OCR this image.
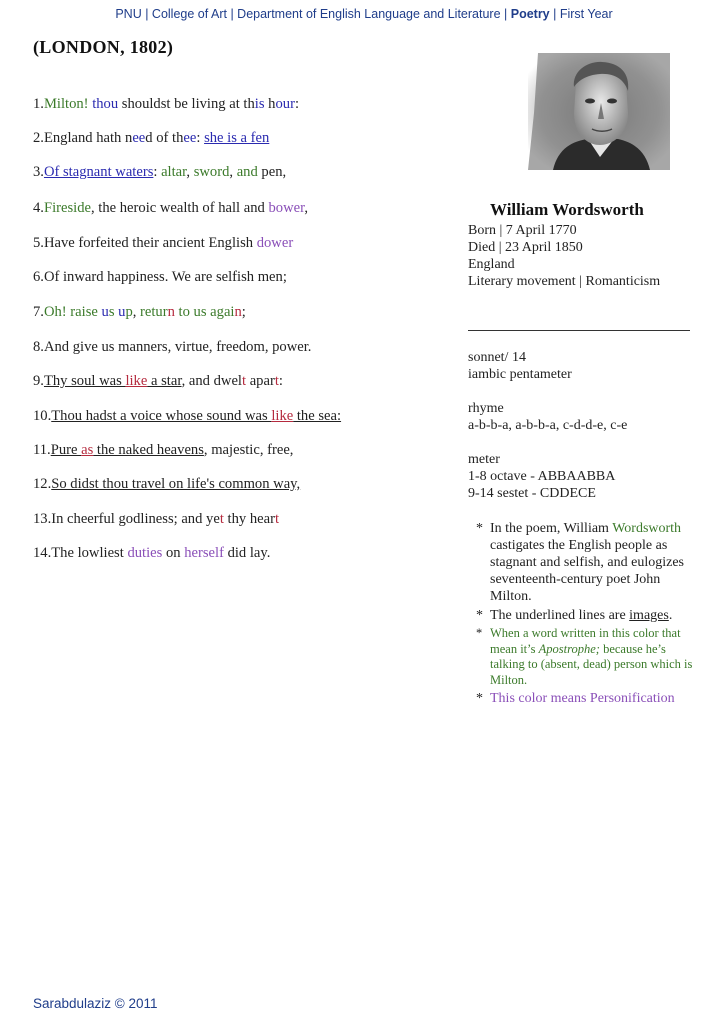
PNU | College of Art | Department of English Language and Literature | Poetry | First Year
(LONDON, 1802)
1.Milton! thou shouldst be living at this hour:
2.England hath need of thee: she is a fen
3.Of stagnant waters: altar, sword, and pen,
4.Fireside, the heroic wealth of hall and bower,
5.Have forfeited their ancient English dower
6.Of inward happiness. We are selfish men;
7.Oh! raise us up, return to us again;
8.And give us manners, virtue, freedom, power.
9.Thy soul was like a star, and dwelt apart:
10.Thou hadst a voice whose sound was like the sea:
11.Pure as the naked heavens, majestic, free,
12.So didst thou travel on life's common way,
13.In cheerful godliness; and yet thy heart
14.The lowliest duties on herself did lay.
William Wordsworth
Born | 7 April 1770
Died | 23 April 1850
England
Literary movement | Romanticism
sonnet/ 14
iambic pentameter
rhyme
a-b-b-a, a-b-b-a, c-d-d-e, c-e
meter
1-8 octave - ABBAABBA
9-14 sestet - CDDECE
* In the poem, William Wordsworth castigates the English people as stagnant and selfish, and eulogizes seventeenth-century poet John Milton.
* The underlined lines are images.
* When a word written in this color that mean it’s Apostrophe; because he’s talking to (absent, dead) person which is Milton.
* This color means Personification
Sarabdulaziz © 2011
